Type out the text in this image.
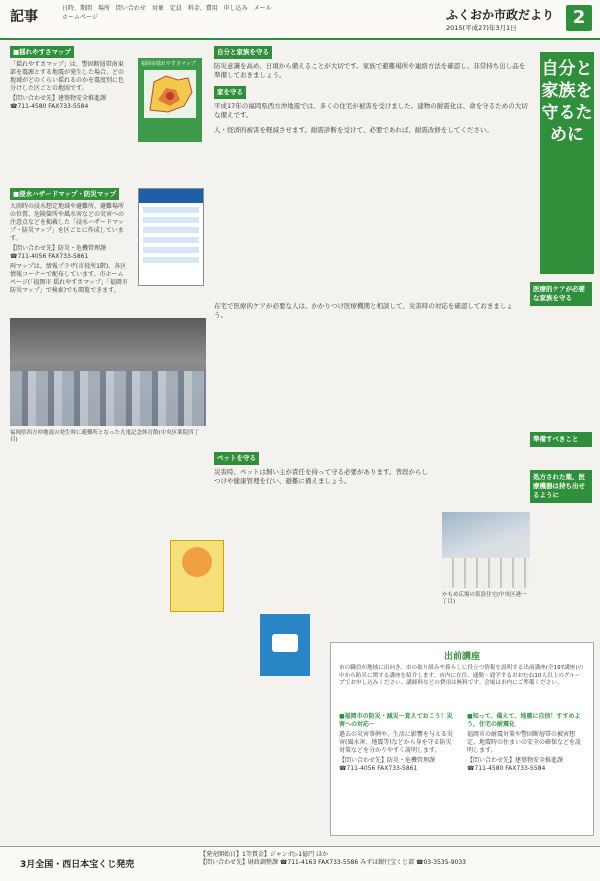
記事
日時、期間 場所 問い合わせ 対象 定員 料金、費用 申し込み メール
ホームページ	ふくおか市政だより
2015(平成27)年3月1日	2
■揺れやすさマップ
「揺れやすさマップ」は、警固断層帯南東部を震源とする地震が発生した場合、どの地域がどのくらい揺れるのかを震度別に色分けした区ごとの地図です。
【問い合わせ先】建築物安全推進課 ☎711-4580 FAX733-5584
福岡市揺れやすさマップ
■浸水ハザードマップ・防災マップ
大雨時の浸水想定地域や避難所、避難場所の位置、危険箇所や風水害などの災害への注意点などを掲載した「浸水ハザードマップ・防災マップ」を区ごとに作成しています。
【問い合わせ先】防災・危機管理課 ☎711-4056 FAX733-5861
両マップは、情報プラザ(市役所1階)、各区情報コーナーで配布しています。市ホームページ(「福岡市 揺れやすさマップ」「福岡市 防災マップ」で検索)でも閲覧できます。
福岡県西方沖地震の発生時に避難所となった九電記念体育館(中央区薬院四丁目)
自分と家族を守る
防災意識を高め、日頃から備えることが大切です。家族で避難場所や連絡方法を確認し、非常持ち出し品を準備しておきましょう。
家を守る
平成17年の福岡県西方沖地震では、多くの住宅が被害を受けました。建物の耐震化は、命を守るための大切な備えです。
人・経済的被害を軽減させます。耐震診断を受けて、必要であれば、耐震改修をしてください。
自分と家族を守るために
医療的ケアが必要な家族を守る
準備すべきこと
処方された薬、医療機器は持ち出せるように
在宅で医療的ケアが必要な人は、かかりつけ医療機関と相談して、災害時の対応を確認しておきましょう。
かもめ広場の仮設住宅(中央区港一丁目)
ペットを守る
災害時、ペットは飼い主が責任を持って守る必要があります。普段からしつけや健康管理を行い、避難に備えましょう。
出前講座
市の職員が地域に出向き、市の取り組みや暮らしに役立つ情報を説明する出前講座(全197講座)の中から防災に関する講座を紹介します。市内に在住、通勤・通学するおおむね10人以上のグループでお申し込みください。講師料などの費用は無料です。会場は市内にご準備ください。
■福岡市の防災・減災～覚えておこう！災害への対応～
過去の災害事例や、生活に影響を与える災害(風水害、地震等)などから身を守る防災対策などを分かりやすく説明します。
【問い合わせ先】防災・危機管理課 ☎711-4056 FAX733-5861
■知って、備えて、地震に自信！すすめよう、住宅の耐震化
福岡市の耐震対策や警固断層帯の被害想定、地震時の住まいの安全の確保などを説明します。
【問い合わせ先】建築物安全推進課 ☎711-4580 FAX733-5584
3月全国・西日本宝くじ発売
【発売開始日】1等賞金】ジャンボ▷1億円 ほか
【問い合わせ先】財政調整課 ☎711-4163 FAX733-5586 みずほ銀行宝くじ部 ☎03-3535-9033
